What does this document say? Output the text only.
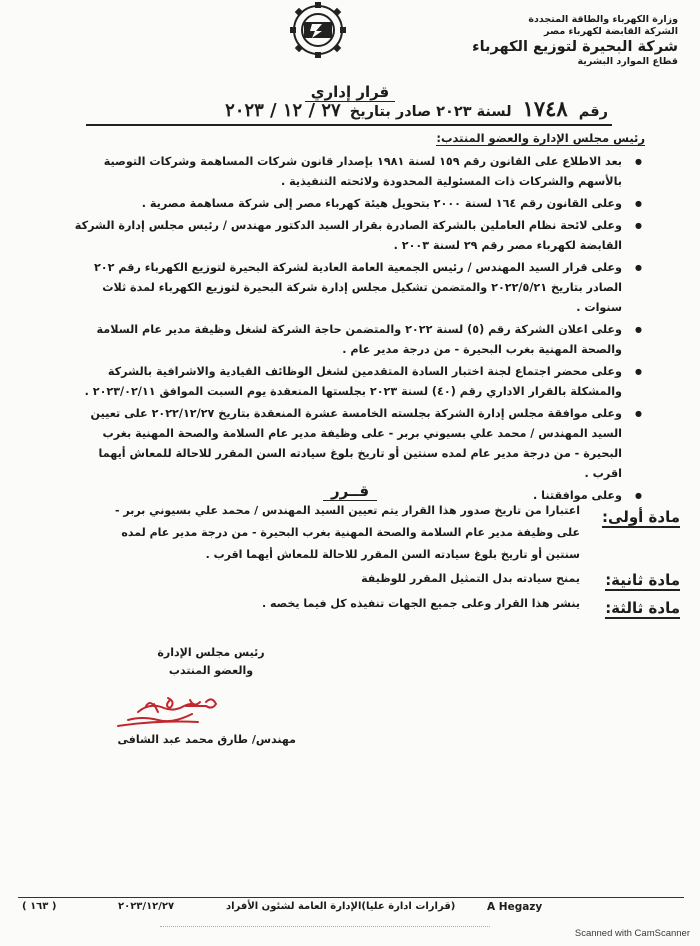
وزارة الكهرباء والطاقة المتجددة
الشركة القابضة لكهرباء مصر
شركة البحيرة لتوزيع الكهرباء
قطاع الموارد البشرية
قرار إداري
رقم ١٧٤٨ لسنة ٢٠٢٣ صادر بتاريخ ٢٧ / ١٢ / ٢٠٢٣
رئيس مجلس الإدارة والعضو المنتدب:
● بعد الاطلاع على القانون رقم ١٥٩ لسنة ١٩٨١ بإصدار قانون شركات المساهمة وشركات التوصية بالأسهم والشركات ذات المسئولية المحدودة ولائحته التنفيذية .
● وعلى القانون رقم ١٦٤ لسنة ٢٠٠٠ بتحويل هيئة كهرباء مصر إلى شركة مساهمة مصرية .
● وعلى لائحة نظام العاملين بالشركة الصادرة بقرار السيد الدكتور مهندس / رئيس مجلس إدارة الشركة القابضة لكهرباء مصر رقم ٢٩ لسنة ٢٠٠٣ .
● وعلى قرار السيد المهندس / رئيس الجمعية العامة العادية لشركة البحيرة لتوزيع الكهرباء رقم ٢٠٢ الصادر بتاريخ ٢٠٢٢/٥/٢١ والمتضمن تشكيل مجلس إدارة شركة البحيرة لتوزيع الكهرباء لمدة ثلاث سنوات .
● وعلى اعلان الشركة رقم (٥) لسنة ٢٠٢٢ والمتضمن حاجة الشركة لشغل وظيفة مدير عام السلامة والصحة المهنية بغرب البحيرة - من درجة مدير عام .
● وعلى محضر اجتماع لجنة اختبار السادة المتقدمين لشغل الوظائف القيادية والاشرافية بالشركة والمشكلة بالقرار الاداري رقم (٤٠) لسنة ٢٠٢٣ بجلستها المنعقدة يوم السبت الموافق ٢٠٢٣/٠٢/١١ .
● وعلى موافقة مجلس إدارة الشركة بجلسته الخامسة عشرة المنعقدة بتاريخ ٢٠٢٢/١٢/٢٧ على تعيين السيد المهندس / محمد علي بسيوني بربر - على وظيفة مدير عام السلامة والصحة المهنية بغرب البحيرة - من درجة مدير عام لمده سنتين أو تاريخ بلوغ سيادته السن المقرر للاحالة للمعاش أيهما اقرب .
● وعلى موافقتنا .
قــرر
مادة أولى:
اعتبارا من تاريخ صدور هذا القرار يتم تعيين السيد المهندس / محمد علي بسيوني بربر - على وظيفة مدير عام السلامة والصحة المهنية بغرب البحيرة - من درجة مدير عام لمده سنتين أو تاريخ بلوغ سيادته السن المقرر للاحالة للمعاش أيهما اقرب .
مادة ثانية:
يمنح سيادته بدل التمثيل المقرر للوظيفة
مادة ثالثة:
ينشر هذا القرار وعلى جميع الجهات تنفيذه كل فيما يخصه .
رئيس مجلس الإدارة
والعضو المنتدب
مهندس/ طارق محمد عبد الشافى
( ١٦٣ )	٢٠٢٣/١٢/٢٧	(قرارات ادارة عليا)الإدارة العامة لشئون الأفراد	A Hegazy
Scanned with CamScanner
